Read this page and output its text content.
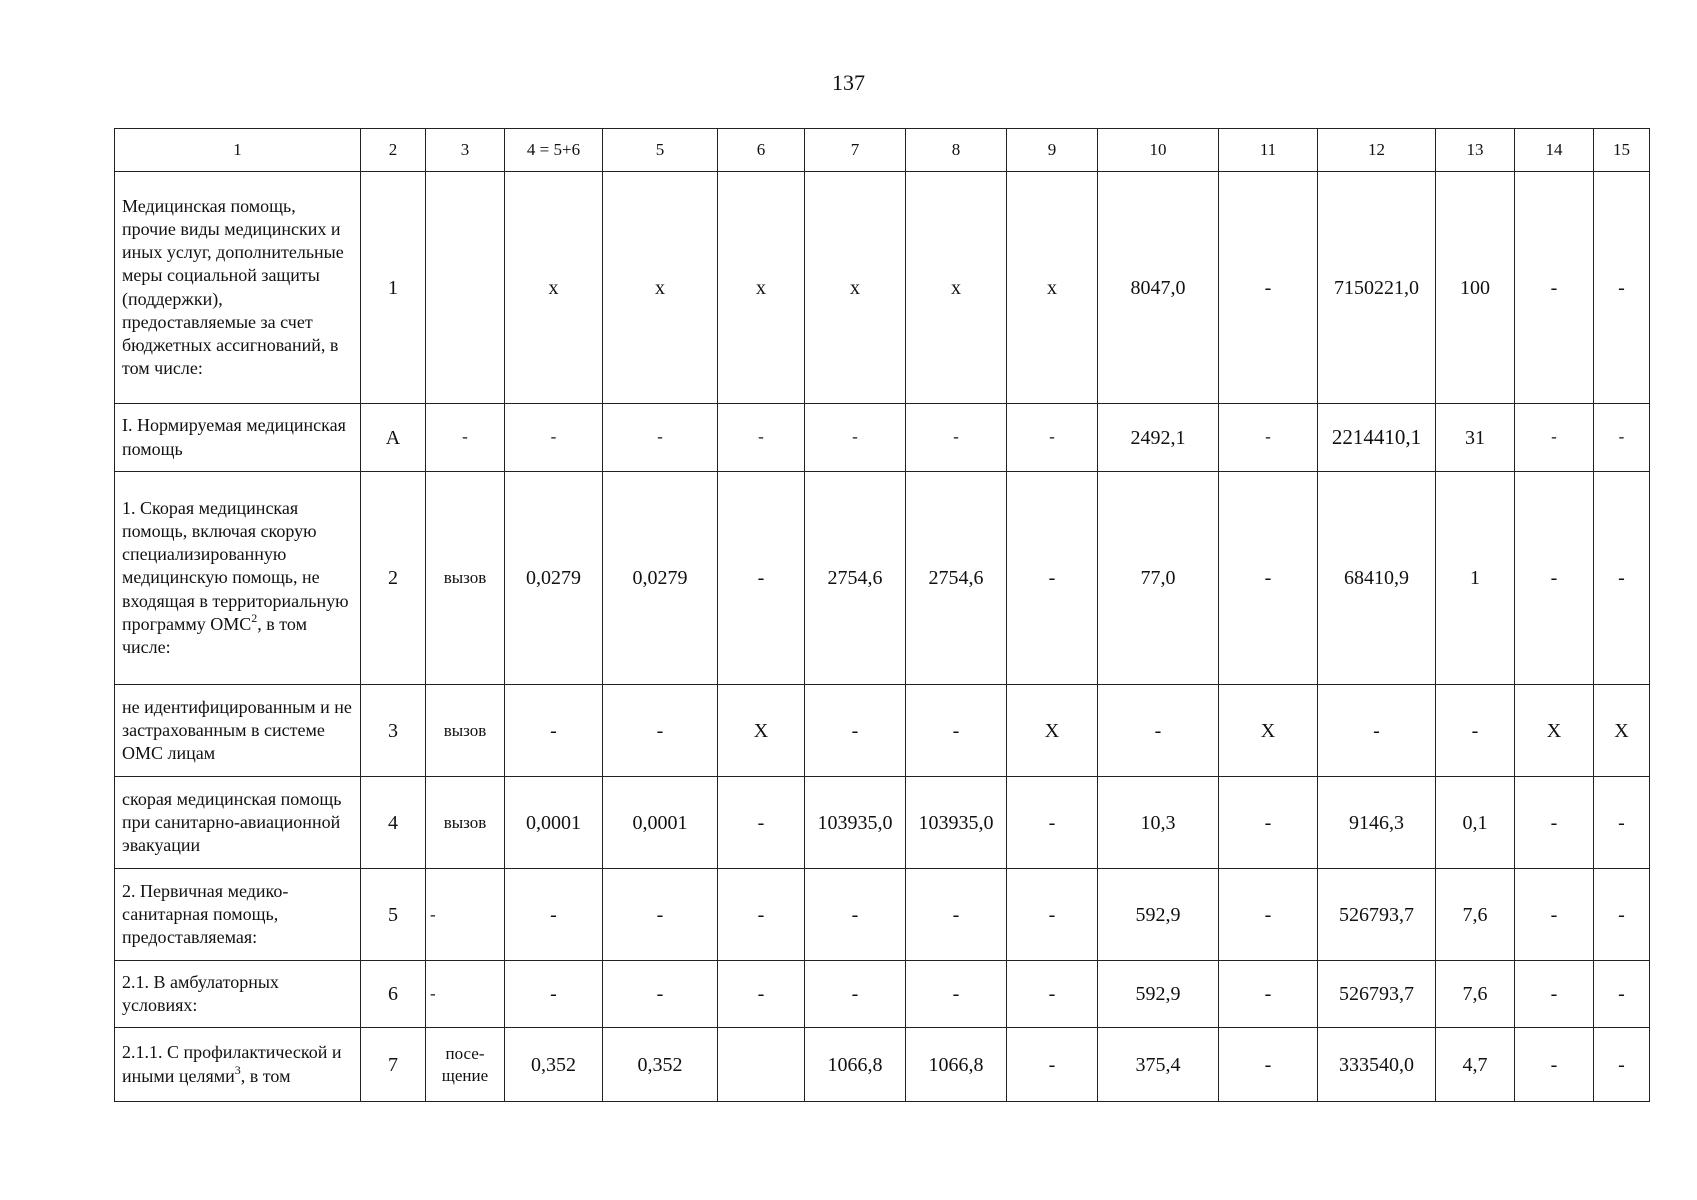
137
1	2	3	4 = 5+6	5	6	7	8	9	10	11	12	13	14	15
Медицинская помощь, прочие виды медицинских и иных услуг, дополнительные меры социальной защиты (поддержки), предоставляемые за счет бюджетных ассигнований, в том числе:	1		х	х	х	х	х	х	8047,0	-	7150221,0	100	-	-
I. Нормируемая медицинская помощь	А	-	-	-	-	-	-	-	2492,1	-	2214410,1	31	-	-
1. Скорая медицинская помощь, включая скорую специализированную медицинскую помощь, не входящая в территориальную программу ОМС$^2$, в том числе:	2	вызов	0,0279	0,0279	-	2754,6	2754,6	-	77,0	-	68410,9	1	-	-
не идентифицированным и не застрахованным в системе ОМС лицам	3	вызов	-	-	X	-	-	X	-	X	-	-	X	X
скорая медицинская помощь при санитарно-авиационной эвакуации	4	вызов	0,0001	0,0001	-	103935,0	103935,0	-	10,3	-	9146,3	0,1	-	-
2. Первичная медико-санитарная помощь, предоставляемая:	5	-	-	-	-	-	-	-	592,9	-	526793,7	7,6	-	-
2.1. В амбулаторных условиях:	6	-	-	-	-	-	-	-	592,9	-	526793,7	7,6	-	-
2.1.1. С профилактической и иными целями$^3$, в том	7	посе-щение	0,352	0,352		1066,8	1066,8	-	375,4	-	333540,0	4,7	-	-
